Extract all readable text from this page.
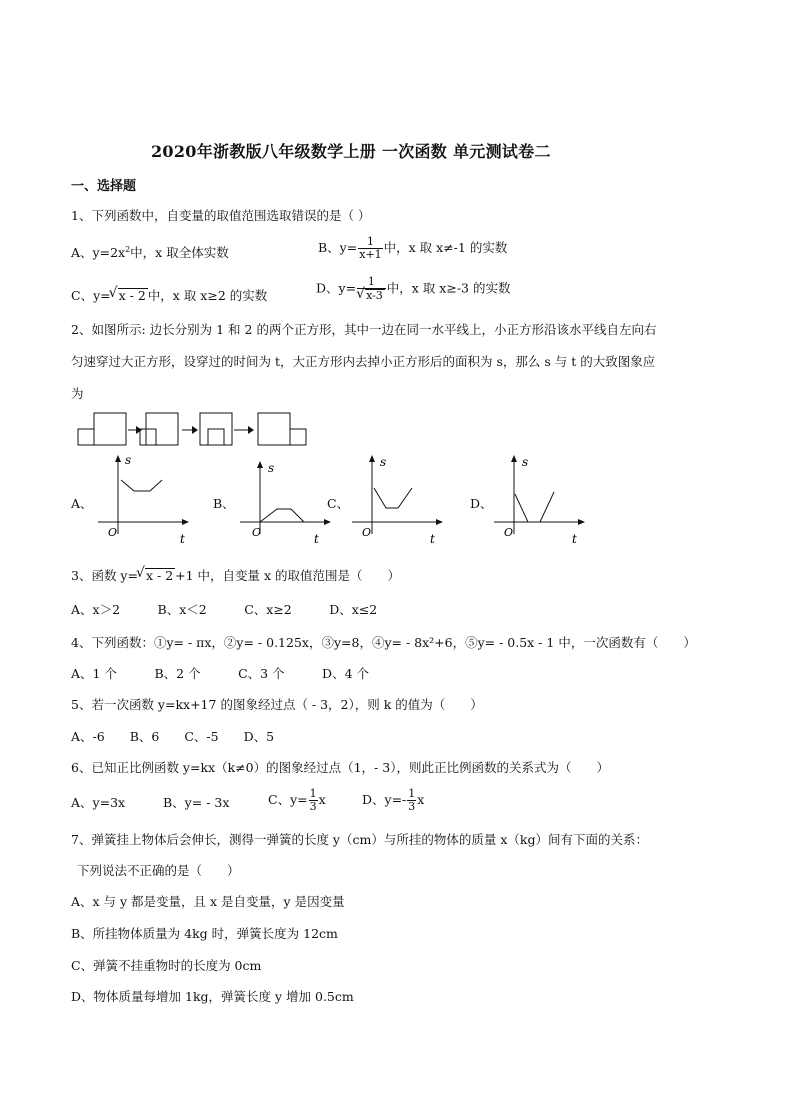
2020年浙教版八年级数学上册 一次函数 单元测试卷二
一、选择题
1、下列函数中，自变量的取值范围选取错误的是（ ）
A、$y=2x^2$中，x 取全体实数	B、$y= \frac{1}{x+1}$ 中，x 取 x≠-1 的实数
C、y= √ x - 2 中，x 取 x≥2 的实数	D、y= 1
√ x-3 中，x 取 x≥-3 的实数
2、如图所示: 边长分别为 1 和 2 的两个正方形，其中一边在同一水平线上，小正方形沿该水平线自左向右
匀速穿过大正方形，设穿过的时间为 t，大正方形内去掉小正方形后的面积为 s，那么 s 与 t 的大致图象应
为
A、
s
t
O
B、
s
t
O
C、
s
t
O
D、
s
t
O
3、函数 y= √ x - 2 +1 中，自变量 x 的取值范围是（　　）
A、x＞2　　　B、x＜2　　　C、x≥2　　　D、x≤2
4、下列函数：①y= - πx，②y= - 0.125x，③y=8，④y= - 8x²+6，⑤y= - 0.5x - 1 中，一次函数有（　　）
A、1 个　　　B、2 个　　　C、3 个　　　D、4 个
5、若一次函数 y=kx+17 的图象经过点（ - 3，2），则 k 的值为（　　）
A、-6　　B、6　　C、-5　　D、5
6、已知正比例函数 y=kx（k≠0）的图象经过点（1，- 3），则此正比例函数的关系式为（　　）
A、y=3x	B、y= - 3x	C、$y= \frac{1}{3}$ x	D、$y=- \frac{1}{3}$ x
7、弹簧挂上物体后会伸长，测得一弹簧的长度 y（cm）与所挂的物体的质量 x（kg）间有下面的关系：
下列说法不正确的是（　　）
A、x 与 y 都是变量，且 x 是自变量，y 是因变量
B、所挂物体质量为 4kg 时，弹簧长度为 12cm
C、弹簧不挂重物时的长度为 0cm
D、物体质量每增加 1kg，弹簧长度 y 增加 0.5cm
